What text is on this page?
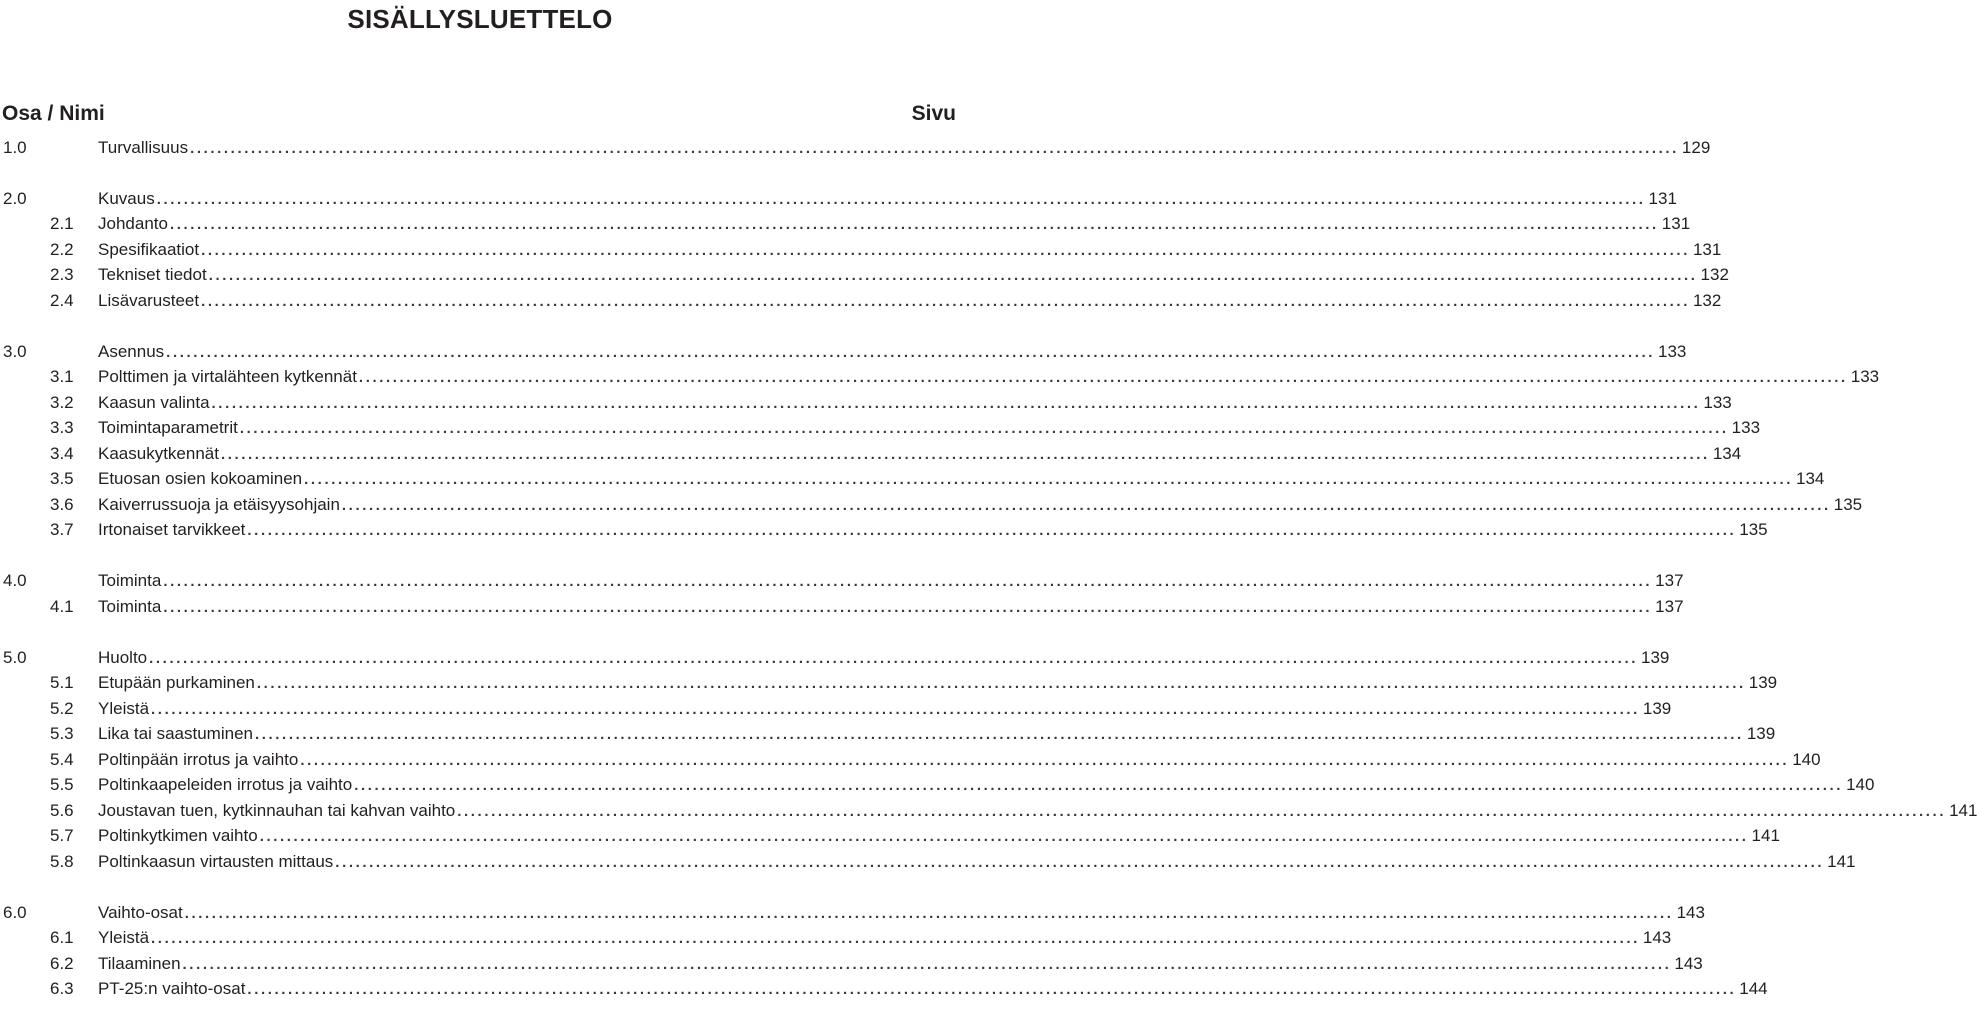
SISÄLLYSLUETTELO
Osa / Nimi	Sivu
1.0	Turvallisuus ............................................................................................................................................................................................................................ 129
2.0	Kuvaus ............................................................................................................................................................................................................................ 131
2.1 Johdanto ............................................................................................................................................................................................................................ 131
2.2 Spesifikaatiot ............................................................................................................................................................................................................................ 131
2.3 Tekniset tiedot ............................................................................................................................................................................................................................ 132
2.4 Lisävarusteet ............................................................................................................................................................................................................................ 132
3.0	Asennus ............................................................................................................................................................................................................................ 133
3.1 Polttimen ja virtalähteen kytkennät ............................................................................................................................................................................................................................ 133
3.2 Kaasun valinta ............................................................................................................................................................................................................................ 133
3.3 Toimintaparametrit ............................................................................................................................................................................................................................ 133
3.4 Kaasukytkennät ............................................................................................................................................................................................................................ 134
3.5 Etuosan osien kokoaminen ............................................................................................................................................................................................................................ 134
3.6 Kaiverrussuoja ja etäisyysohjain ............................................................................................................................................................................................................................ 135
3.7 Irtonaiset tarvikkeet ............................................................................................................................................................................................................................ 135
4.0	Toiminta ............................................................................................................................................................................................................................ 137
4.1 Toiminta ............................................................................................................................................................................................................................ 137
5.0	Huolto ............................................................................................................................................................................................................................ 139
5.1 Etupään purkaminen ............................................................................................................................................................................................................................ 139
5.2 Yleistä ............................................................................................................................................................................................................................ 139
5.3 Lika tai saastuminen ............................................................................................................................................................................................................................ 139
5.4 Poltinpään irrotus ja vaihto ............................................................................................................................................................................................................................ 140
5.5 Poltinkaapeleiden irrotus ja vaihto ............................................................................................................................................................................................................................ 140
5.6 Joustavan tuen, kytkinnauhan tai kahvan vaihto ............................................................................................................................................................................................................................ 141
5.7 Poltinkytkimen vaihto ............................................................................................................................................................................................................................ 141
5.8 Poltinkaasun virtausten mittaus ............................................................................................................................................................................................................................ 141
6.0	Vaihto-osat ............................................................................................................................................................................................................................ 143
6.1 Yleistä ............................................................................................................................................................................................................................ 143
6.2 Tilaaminen ............................................................................................................................................................................................................................ 143
6.3 PT-25:n vaihto-osat ............................................................................................................................................................................................................................ 144
